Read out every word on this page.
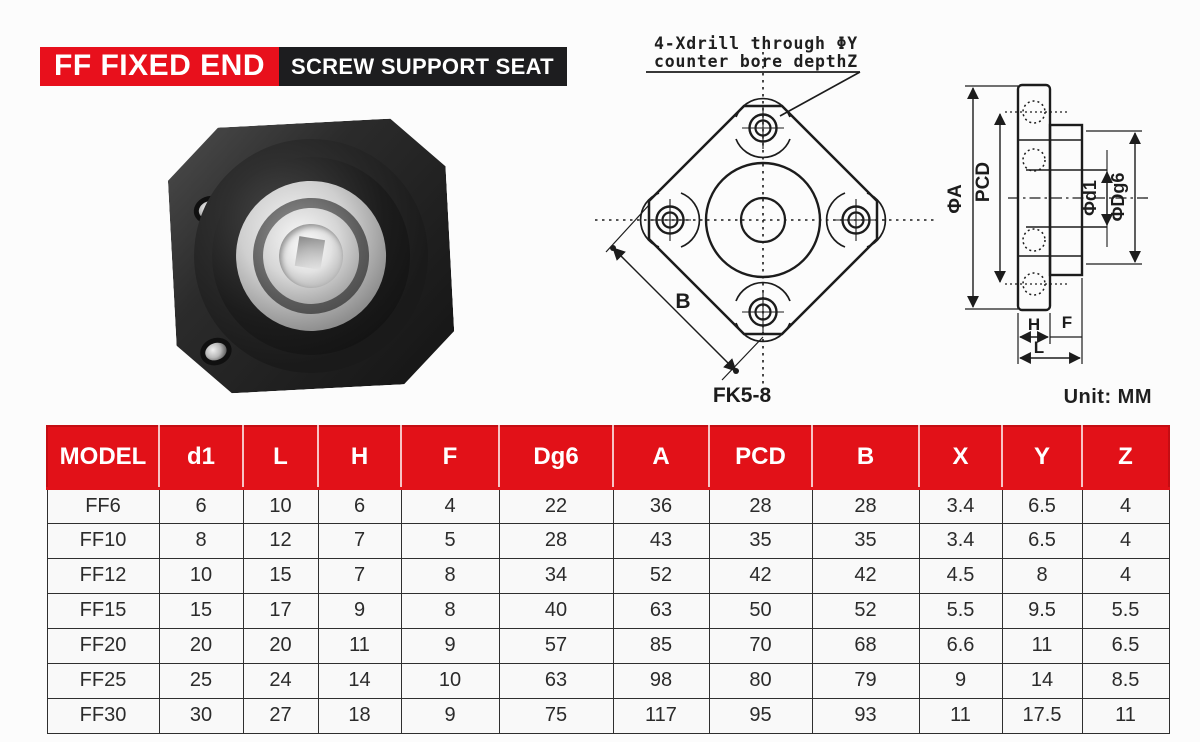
FF FIXED END	SCREW SUPPORT SEAT
4-Xdrill through ΦY
counter bore depthZ
B
FK5-8
ΦA PCD	Φd1 ΦDg6
H F
L
Unit: MM
MODEL	d1	L	H	F	Dg6	A	PCD	B	X	Y	Z
FF6	6	10	6	4	22	36	28	28	3.4	6.5	4
FF10	8	12	7	5	28	43	35	35	3.4	6.5	4
FF12	10	15	7	8	34	52	42	42	4.5	8	4
FF15	15	17	9	8	40	63	50	52	5.5	9.5	5.5
FF20	20	20	11	9	57	85	70	68	6.6	11	6.5
FF25	25	24	14	10	63	98	80	79	9	14	8.5
FF30	30	27	18	9	75	117	95	93	11	17.5	11
